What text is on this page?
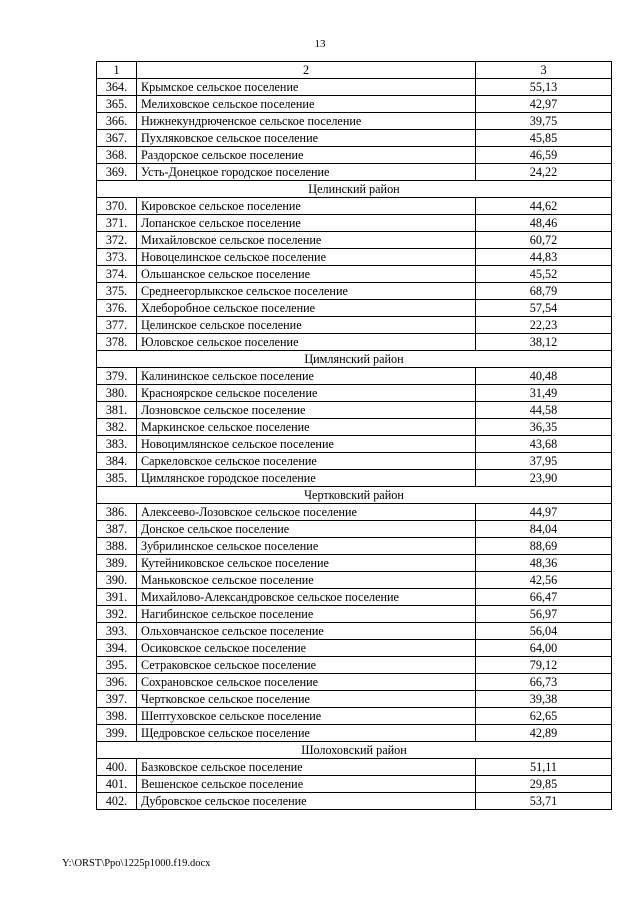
13
1	2	3
364.	Крымское сельское поселение	55,13
365.	Мелиховское сельское поселение	42,97
366.	Нижнекундрюченское сельское поселение	39,75
367.	Пухляковское сельское поселение	45,85
368.	Раздорское сельское поселение	46,59
369.	Усть-Донецкое городское поселение	24,22
Целинский район		
370.	Кировское сельское поселение	44,62
371.	Лопанское сельское поселение	48,46
372.	Михайловское сельское поселение	60,72
373.	Новоцелинское сельское поселение	44,83
374.	Ольшанское сельское поселение	45,52
375.	Среднеегорлыкское сельское поселение	68,79
376.	Хлеборобное сельское поселение	57,54
377.	Целинское сельское поселение	22,23
378.	Юловское сельское поселение	38,12
Цимлянский район		
379.	Калининское сельское поселение	40,48
380.	Красноярское сельское поселение	31,49
381.	Лозновское сельское поселение	44,58
382.	Маркинское сельское поселение	36,35
383.	Новоцимлянское сельское поселение	43,68
384.	Саркеловское сельское поселение	37,95
385.	Цимлянское городское поселение	23,90
Чертковский район		
386.	Алексеево-Лозовское сельское поселение	44,97
387.	Донское сельское поселение	84,04
388.	Зубрилинское сельское поселение	88,69
389.	Кутейниковское сельское поселение	48,36
390.	Маньковское сельское поселение	42,56
391.	Михайлово-Александровское сельское поселение	66,47
392.	Нагибинское сельское поселение	56,97
393.	Ольховчанское сельское поселение	56,04
394.	Осиковское сельское поселение	64,00
395.	Сетраковское сельское поселение	79,12
396.	Сохрановское сельское поселение	66,73
397.	Чертковское сельское поселение	39,38
398.	Шептуховское сельское поселение	62,65
399.	Щедровское сельское поселение	42,89
Шолоховский район		
400.	Базковское сельское поселение	51,11
401.	Вешенское сельское поселение	29,85
402.	Дубровское сельское поселение	53,71
Y:\ORST\Ppo\1225p1000.f19.docx
